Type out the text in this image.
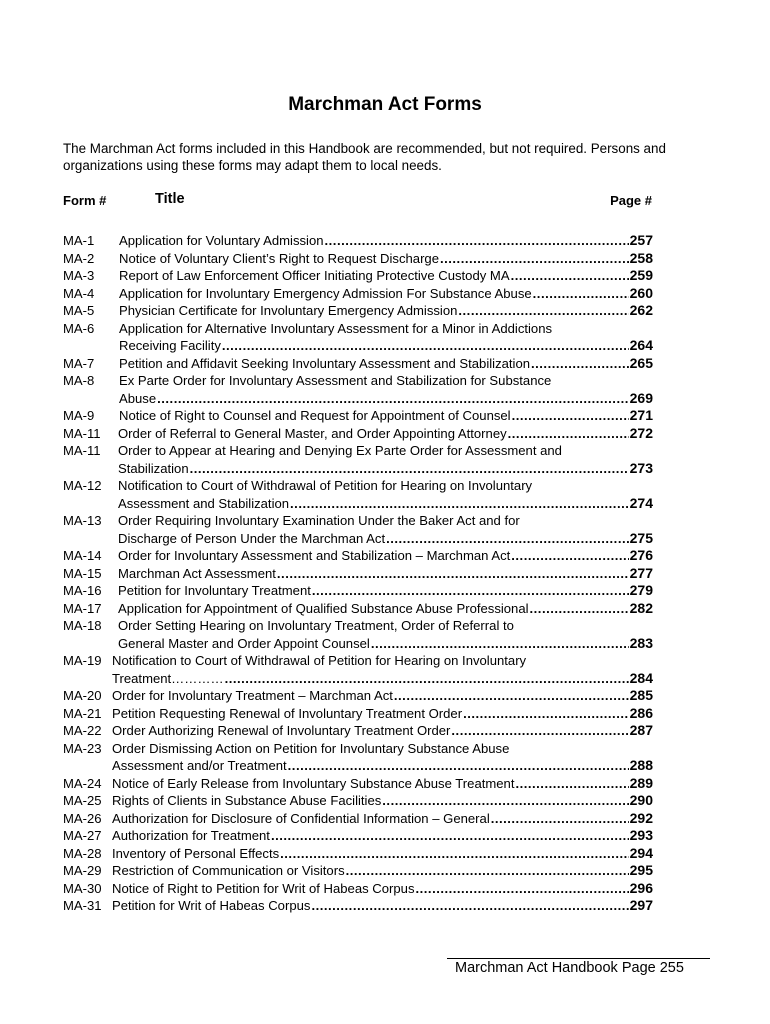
Marchman Act Forms
The Marchman Act forms included in this Handbook are recommended, but not required. Persons and organizations using these forms may adapt them to local needs.
Form #	Title	Page #
MA-1 Application for Voluntary Admission .....	257
MA-2 Notice of Voluntary Client’s Right to Request Discharge .....	258
MA-3 Report of Law Enforcement Officer Initiating Protective Custody MA .....	259
MA-4 Application for Involuntary Emergency Admission For Substance Abuse .....	260
MA-5 Physician Certificate for Involuntary Emergency Admission .....	262
MA-6 Application for Alternative Involuntary Assessment for a Minor in Addictions
Receiving Facility .....	264
MA-7 Petition and Affidavit Seeking Involuntary Assessment and Stabilization .....	265
MA-8 Ex Parte Order for Involuntary Assessment and Stabilization for Substance
Abuse .....	269
MA-9 Notice of Right to Counsel and Request for Appointment of Counsel .....	271
MA-11 Order of Referral to General Master, and Order Appointing Attorney .....	272
MA-11 Order to Appear at Hearing and Denying Ex Parte Order for Assessment and
Stabilization .....	273
MA-12 Notification to Court of Withdrawal of Petition for Hearing on Involuntary
Assessment and Stabilization .....	274
MA-13 Order Requiring Involuntary Examination Under the Baker Act and for
Discharge of Person Under the Marchman Act .....	275
MA-14 Order for Involuntary Assessment and Stabilization – Marchman Act .....	276
MA-15 Marchman Act Assessment .....	277
MA-16 Petition for Involuntary Treatment .....	279
MA-17 Application for Appointment of Qualified Substance Abuse Professional .....	282
MA-18 Order Setting Hearing on Involuntary Treatment, Order of Referral to
General Master and Order Appoint Counsel .....	283
MA-19 Notification to Court of Withdrawal of Petition for Hearing on Involuntary
Treatment………… .....	284
MA-20 Order for Involuntary Treatment – Marchman Act .....	285
MA-21 Petition Requesting Renewal of Involuntary Treatment Order .....	286
MA-22 Order Authorizing Renewal of Involuntary Treatment Order .....	287
MA-23 Order Dismissing Action on Petition for Involuntary Substance Abuse
Assessment and/or Treatment .....	288
MA-24 Notice of Early Release from Involuntary Substance Abuse Treatment .....	289
MA-25 Rights of Clients in Substance Abuse Facilities .....	290
MA-26 Authorization for Disclosure of Confidential Information – General .....	292
MA-27 Authorization for Treatment .....	293
MA-28 Inventory of Personal Effects .....	294
MA-29 Restriction of Communication or Visitors .....	295
MA-30 Notice of Right to Petition for Writ of Habeas Corpus .....	296
MA-31 Petition for Writ of Habeas Corpus .....	297
Marchman Act Handbook Page 255
